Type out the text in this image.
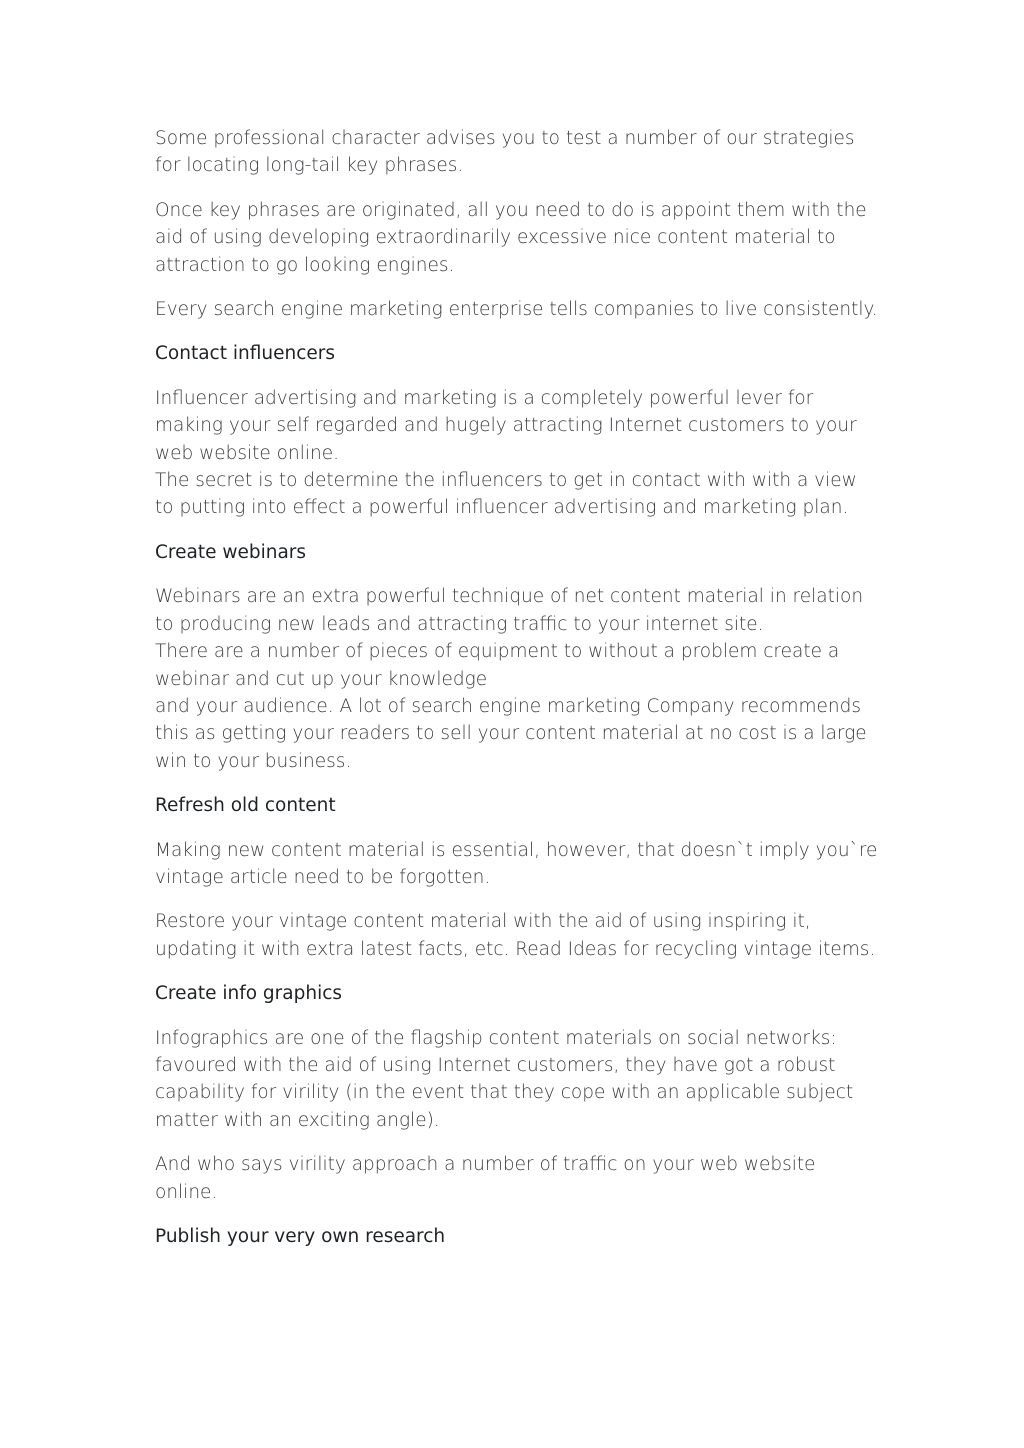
Some professional character advises you to test a number of our strategies for locating long-tail key phrases.

Once key phrases are originated, all you need to do is appoint them with the aid of using developing extraordinarily excessive nice content material to attraction to go looking engines.

Every search engine marketing enterprise tells companies to live consistently.

Contact influencers

Influencer advertising and marketing is a completely powerful lever for making your self regarded and hugely attracting Internet customers to your web website online.
The secret is to determine the influencers to get in contact with with a view to putting into effect a powerful influencer advertising and marketing plan.

Create webinars

Webinars are an extra powerful technique of net content material in relation to producing new leads and attracting traffic to your internet site.
There are a number of pieces of equipment to without a problem create a webinar and cut up your knowledge
and your audience. A lot of search engine marketing Company recommends this as getting your readers to sell your content material at no cost is a large win to your business.

Refresh old content

Making new content material is essential, however, that doesn`t imply you`re vintage article need to be forgotten.

Restore your vintage content material with the aid of using inspiring it, updating it with extra latest facts, etc. Read Ideas for recycling vintage items.

Create info graphics

Infographics are one of the flagship content materials on social networks: favoured with the aid of using Internet customers, they have got a robust capability for virility (in the event that they cope with an applicable subject matter with an exciting angle).

And who says virility approach a number of traffic on your web website online.

Publish your very own research
